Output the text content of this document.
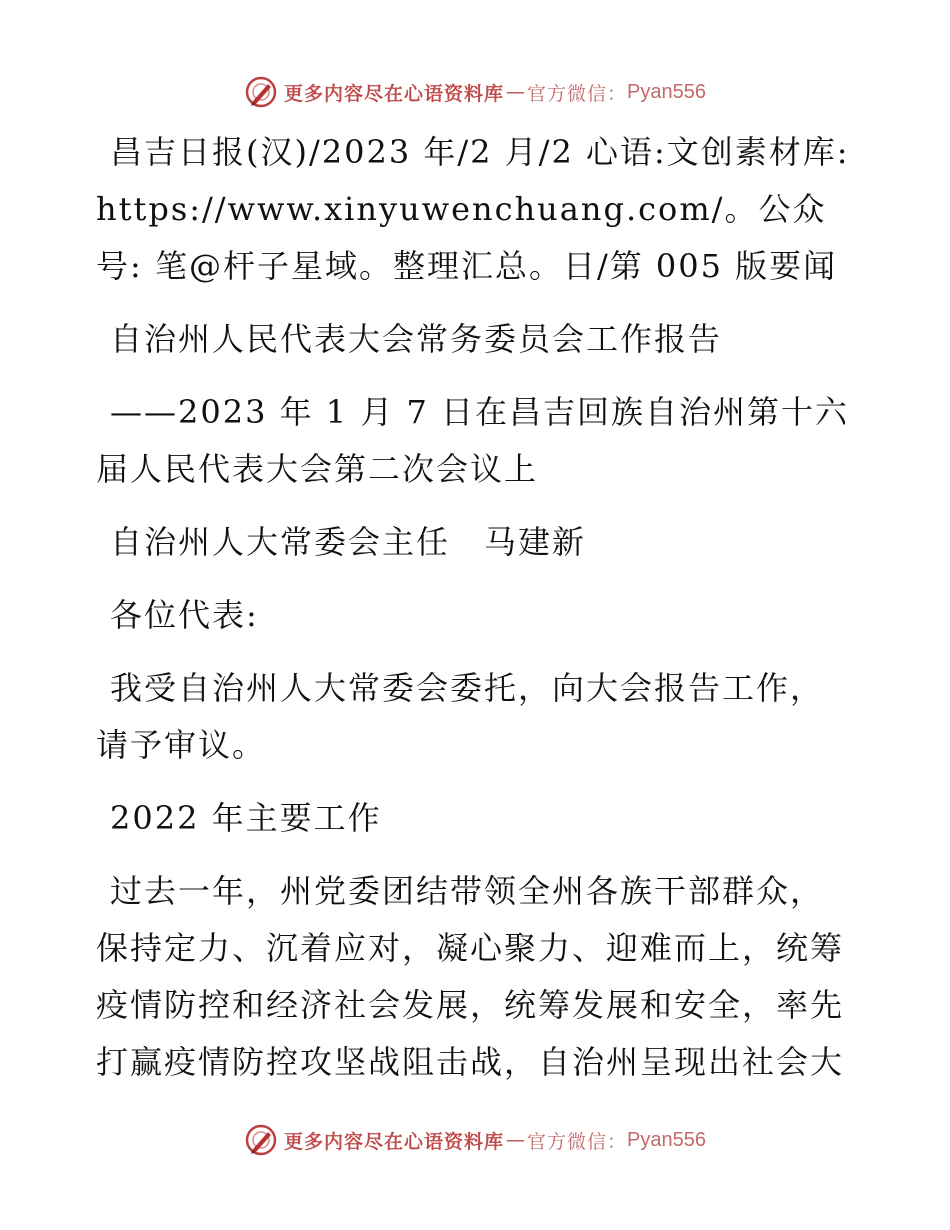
更多内容尽在心语资料库 — 官方微信： Pyan556

昌吉日报(汉)/2023 年/2 月/2 心语:文创素材库: https://www.xinyuwenchuang.com/。公众号: 笔@杆子星域。整理汇总。日/第 005 版要闻

自治州人民代表大会常务委员会工作报告

——2023 年 1 月 7 日在昌吉回族自治州第十六届人民代表大会第二次会议上

自治州人大常委会主任　马建新

各位代表:

我受自治州人大常委会委托，向大会报告工作，请予审议。

2022 年主要工作

过去一年，州党委团结带领全州各族干部群众，保持定力、沉着应对，凝心聚力、迎难而上，统筹疫情防控和经济社会发展，统筹发展和安全，率先打赢疫情防控攻坚战阻击战，自治州呈现出社会大

更多内容尽在心语资料库 — 官方微信： Pyan556
